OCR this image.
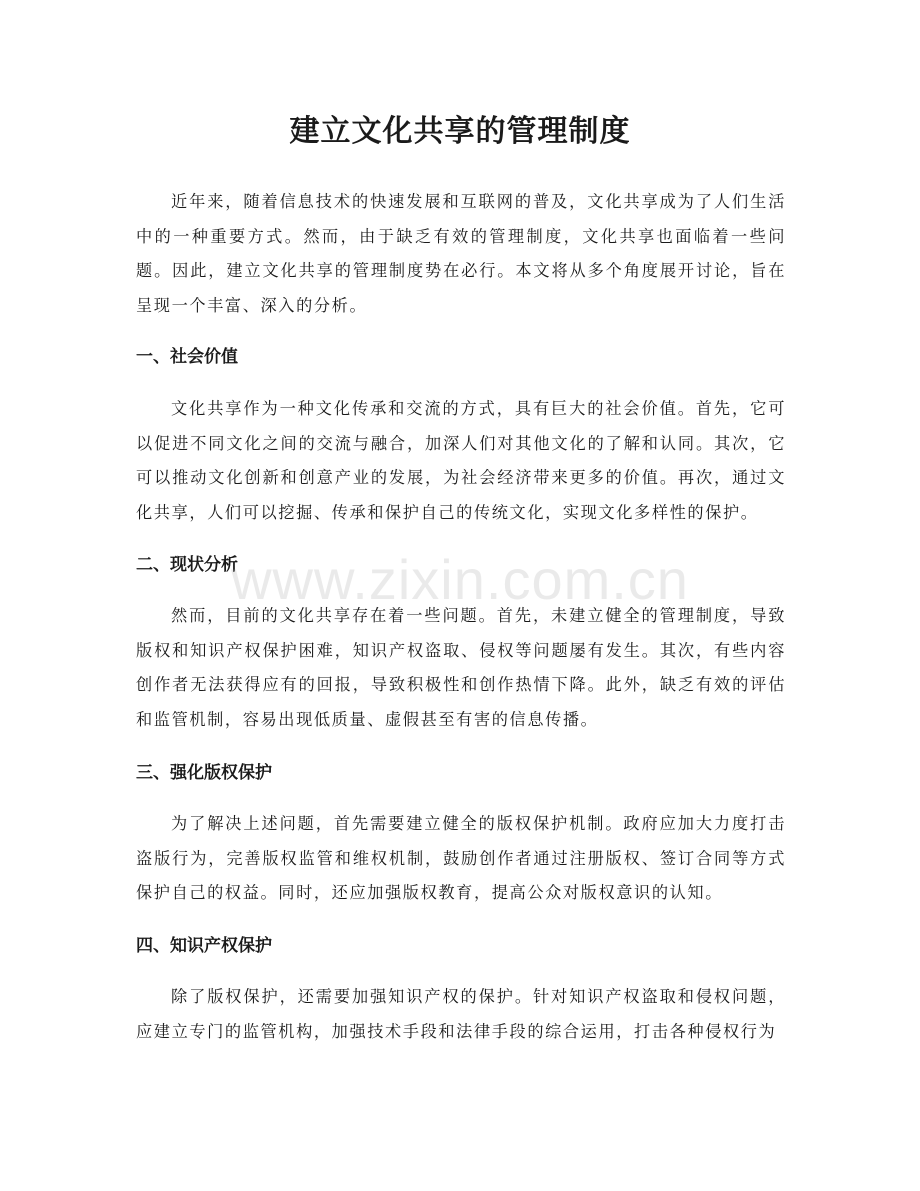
建立文化共享的管理制度

近年来，随着信息技术的快速发展和互联网的普及，文化共享成为了人们生活中的一种重要方式。然而，由于缺乏有效的管理制度，文化共享也面临着一些问题。因此，建立文化共享的管理制度势在必行。本文将从多个角度展开讨论，旨在呈现一个丰富、深入的分析。

一、社会价值

文化共享作为一种文化传承和交流的方式，具有巨大的社会价值。首先，它可以促进不同文化之间的交流与融合，加深人们对其他文化的了解和认同。其次，它可以推动文化创新和创意产业的发展，为社会经济带来更多的价值。再次，通过文化共享，人们可以挖掘、传承和保护自己的传统文化，实现文化多样性的保护。

二、现状分析

然而，目前的文化共享存在着一些问题。首先，未建立健全的管理制度，导致版权和知识产权保护困难，知识产权盗取、侵权等问题屡有发生。其次，有些内容创作者无法获得应有的回报，导致积极性和创作热情下降。此外，缺乏有效的评估和监管机制，容易出现低质量、虚假甚至有害的信息传播。

三、强化版权保护

为了解决上述问题，首先需要建立健全的版权保护机制。政府应加大力度打击盗版行为，完善版权监管和维权机制，鼓励创作者通过注册版权、签订合同等方式保护自己的权益。同时，还应加强版权教育，提高公众对版权意识的认知。

四、知识产权保护

除了版权保护，还需要加强知识产权的保护。针对知识产权盗取和侵权问题，应建立专门的监管机构，加强技术手段和法律手段的综合运用，打击各种侵权行为

www.zixin.com.cn
